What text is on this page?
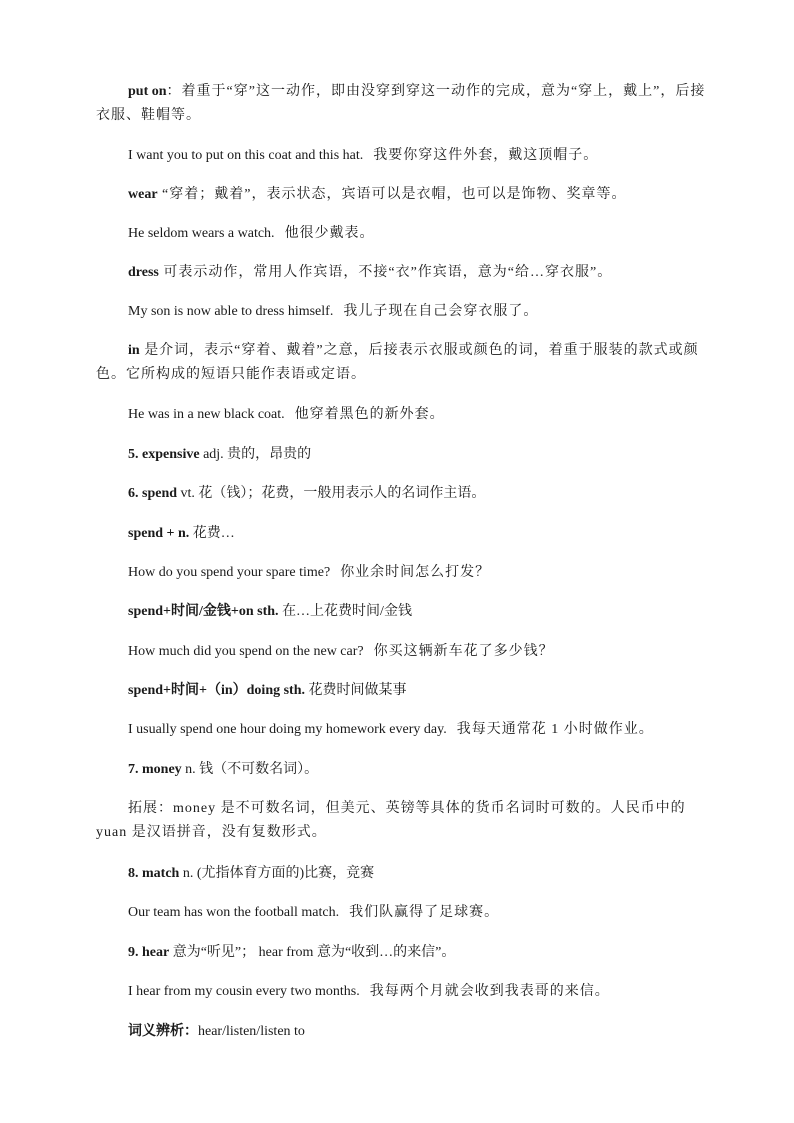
put on：着重于“穿”这一动作，即由没穿到穿这一动作的完成，意为“穿上，戴上”，后接衣服、鞋帽等。
I want you to put on this coat and this hat. 我要你穿这件外套，戴这顶帽子。
wear “穿着；戴着”，表示状态，宾语可以是衣帽，也可以是饰物、奖章等。
He seldom wears a watch. 他很少戴表。
dress 可表示动作，常用人作宾语，不接“衣”作宾语，意为“给…穿衣服”。
My son is now able to dress himself. 我儿子现在自己会穿衣服了。
in 是介词，表示“穿着、戴着”之意，后接表示衣服或颜色的词，着重于服装的款式或颜色。它所构成的短语只能作表语或定语。
He was in a new black coat. 他穿着黑色的新外套。
5. expensive adj. 贵的，昂贵的
6. spend vt. 花（钱）；花费，一般用表示人的名词作主语。
spend + n. 花费…
How do you spend your spare time? 你业余时间怎么打发？
spend+时间/金钱+on sth. 在…上花费时间/金钱
How much did you spend on the new car? 你买这辆新车花了多少钱？
spend+时间+（in）doing sth. 花费时间做某事
I usually spend one hour doing my homework every day. 我每天通常花 1 小时做作业。
7. money n. 钱（不可数名词）。
拓展：money 是不可数名词，但美元、英镑等具体的货币名词时可数的。人民币中的 yuan 是汉语拼音，没有复数形式。
8. match n. (尤指体育方面的)比赛，竞赛
Our team has won the football match. 我们队赢得了足球赛。
9. hear 意为“听见”； hear from 意为“收到…的来信”。
I hear from my cousin every two months. 我每两个月就会收到我表哥的来信。
词义辨析：hear/listen/listen to
